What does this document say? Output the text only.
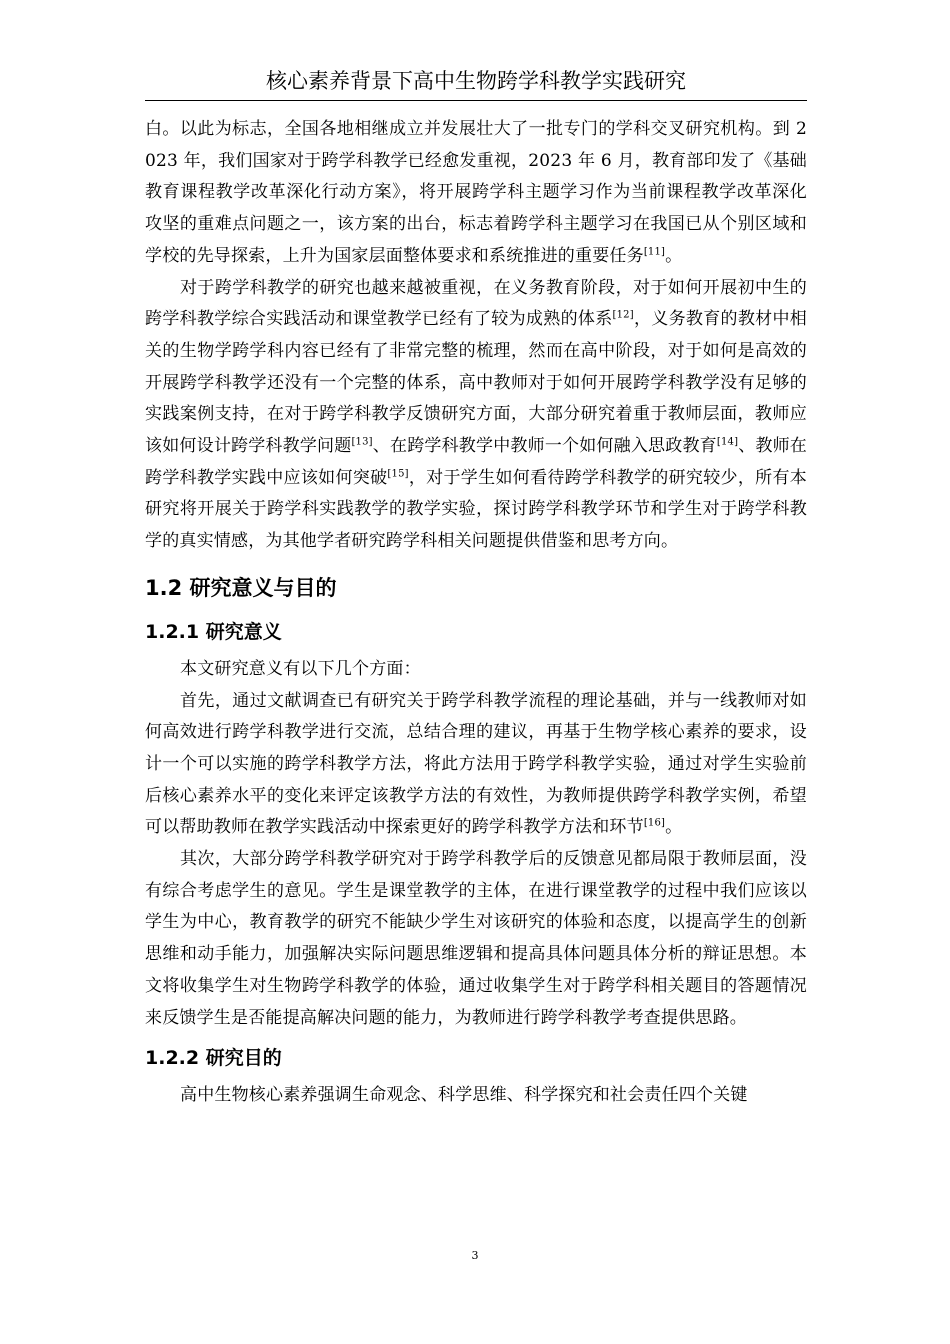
核心素养背景下高中生物跨学科教学实践研究

白。以此为标志，全国各地相继成立并发展壮大了一批专门的学科交叉研究机构。到 2023 年，我们国家对于跨学科教学已经愈发重视，2023 年 6 月，教育部印发了《基础教育课程教学改革深化行动方案》，将开展跨学科主题学习作为当前课程教学改革深化攻坚的重难点问题之一，该方案的出台，标志着跨学科主题学习在我国已从个别区域和学校的先导探索，上升为国家层面整体要求和系统推进的重要任务[11]。

对于跨学科教学的研究也越来越被重视，在义务教育阶段，对于如何开展初中生的跨学科教学综合实践活动和课堂教学已经有了较为成熟的体系[12]，义务教育的教材中相关的生物学跨学科内容已经有了非常完整的梳理，然而在高中阶段，对于如何是高效的开展跨学科教学还没有一个完整的体系，高中教师对于如何开展跨学科教学没有足够的实践案例支持，在对于跨学科教学反馈研究方面，大部分研究着重于教师层面，教师应该如何设计跨学科教学问题[13]、在跨学科教学中教师一个如何融入思政教育[14]、教师在跨学科教学实践中应该如何突破[15]，对于学生如何看待跨学科教学的研究较少，所有本研究将开展关于跨学科实践教学的教学实验，探讨跨学科教学环节和学生对于跨学科教学的真实情感，为其他学者研究跨学科相关问题提供借鉴和思考方向。

1.2 研究意义与目的
1.2.1 研究意义

本文研究意义有以下几个方面：

首先，通过文献调查已有研究关于跨学科教学流程的理论基础，并与一线教师对如何高效进行跨学科教学进行交流，总结合理的建议，再基于生物学核心素养的要求，设计一个可以实施的跨学科教学方法，将此方法用于跨学科教学实验，通过对学生实验前后核心素养水平的变化来评定该教学方法的有效性，为教师提供跨学科教学实例，希望可以帮助教师在教学实践活动中探索更好的跨学科教学方法和环节[16]。

其次，大部分跨学科教学研究对于跨学科教学后的反馈意见都局限于教师层面，没有综合考虑学生的意见。学生是课堂教学的主体，在进行课堂教学的过程中我们应该以学生为中心，教育教学的研究不能缺少学生对该研究的体验和态度，以提高学生的创新思维和动手能力，加强解决实际问题思维逻辑和提高具体问题具体分析的辩证思想。本文将收集学生对生物跨学科教学的体验，通过收集学生对于跨学科相关题目的答题情况来反馈学生是否能提高解决问题的能力，为教师进行跨学科教学考查提供思路。

1.2.2 研究目的

高中生物核心素养强调生命观念、科学思维、科学探究和社会责任四个关键

3
